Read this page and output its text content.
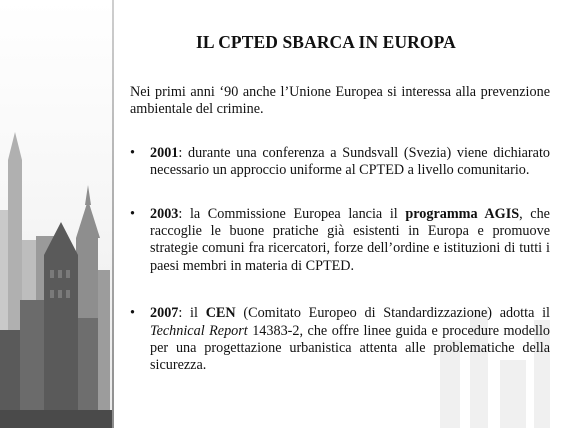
IL CPTED SBARCA IN EUROPA

Nei primi anni ‘90 anche l’Unione Europea si interessa alla prevenzione ambientale del crimine.

• 2001: durante una conferenza a Sundsvall (Svezia) viene dichiarato necessario un approccio uniforme al CPTED a livello comunitario.
• 2003: la Commissione Europea lancia il programma AGIS, che raccoglie le buone pratiche già esistenti in Europa e promuove strategie comuni fra ricercatori, forze dell’ordine e istituzioni di tutti i paesi membri in materia di CPTED.
• 2007: il CEN (Comitato Europeo di Standardizzazione) adotta il Technical Report 14383-2, che offre linee guida e procedure modello per una progettazione urbanistica attenta alle problematiche della sicurezza.
